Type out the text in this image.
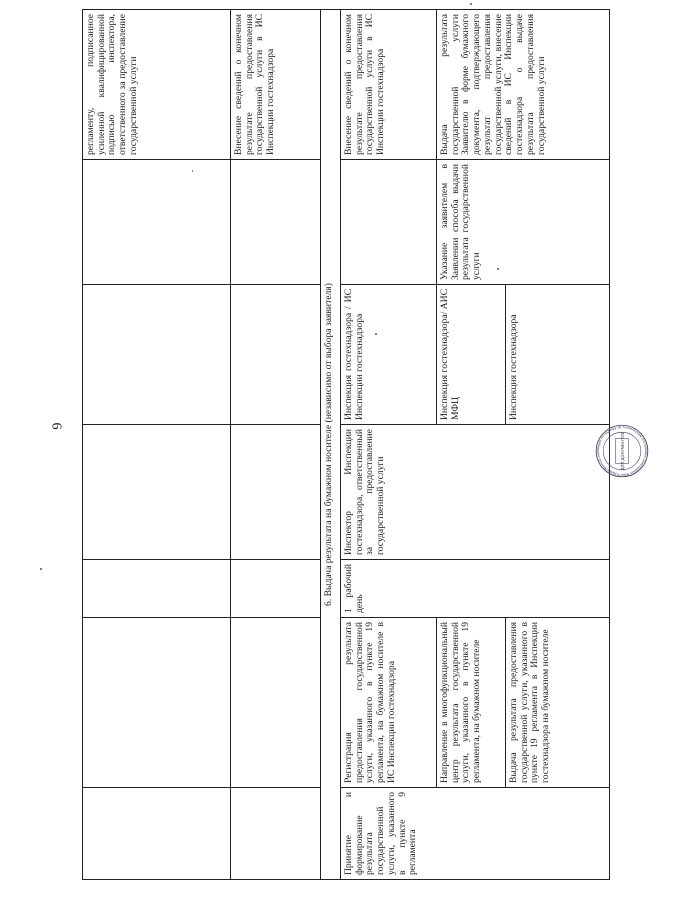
6
						регламенту, подписанное усиленной квалифицированной подписью инспектора, ответственного за предоставление государственной услуги
						Внесение сведений о конечном результате предоставления государственной услуги в ИС Инспекции гостехнадзора
6. Выдача результата на бумажном носителе (независимо от выбора заявителя)						
Принятие и формирование результата государственной услуги, указанного в пункте 9 регламента	Регистрация результата предоставления государственной услуги, указанного в пункте 19 регламента, на бумажном носителе в ИС Инспекции гостехнадзора	1 рабочий день	Инспектор Инспекции гостехнадзора, ответственный за предоставление государственной услуги	Инспекция гостехнадзора / ИС Инспекции гостехнадзора		Внесение сведений о конечном результате предоставления государственной услуги в ИС Инспекции гостехнадзора
	Направление в многофункциональный центр результата государственной услуги, указанного в пункте 19 регламента, на бумажном носителе			Инспекция гостехнадзора/ АИС МФЦ	Указание заявителем в Заявлении способа выдачи результата государственной услуги	Выдача результата государственной услуги Заявителю в форме бумажного документа, подтверждающего результат предоставления государственной услуги, внесение сведений в ИС Инспекции гостехнадзора о выдаче результата предоставления государственной услуги
	Выдача результата предоставления государственной услуги, указанного в пункте 19 регламента в Инспекции гостехнадзора на бумажном носителе			Инспекция гостехнадзора		
Государственная инспекция по надзору за техническим состоянием самоходных машин и других видов техники Владимирской области
ДЛЯ ДОКУМЕНТОВ
